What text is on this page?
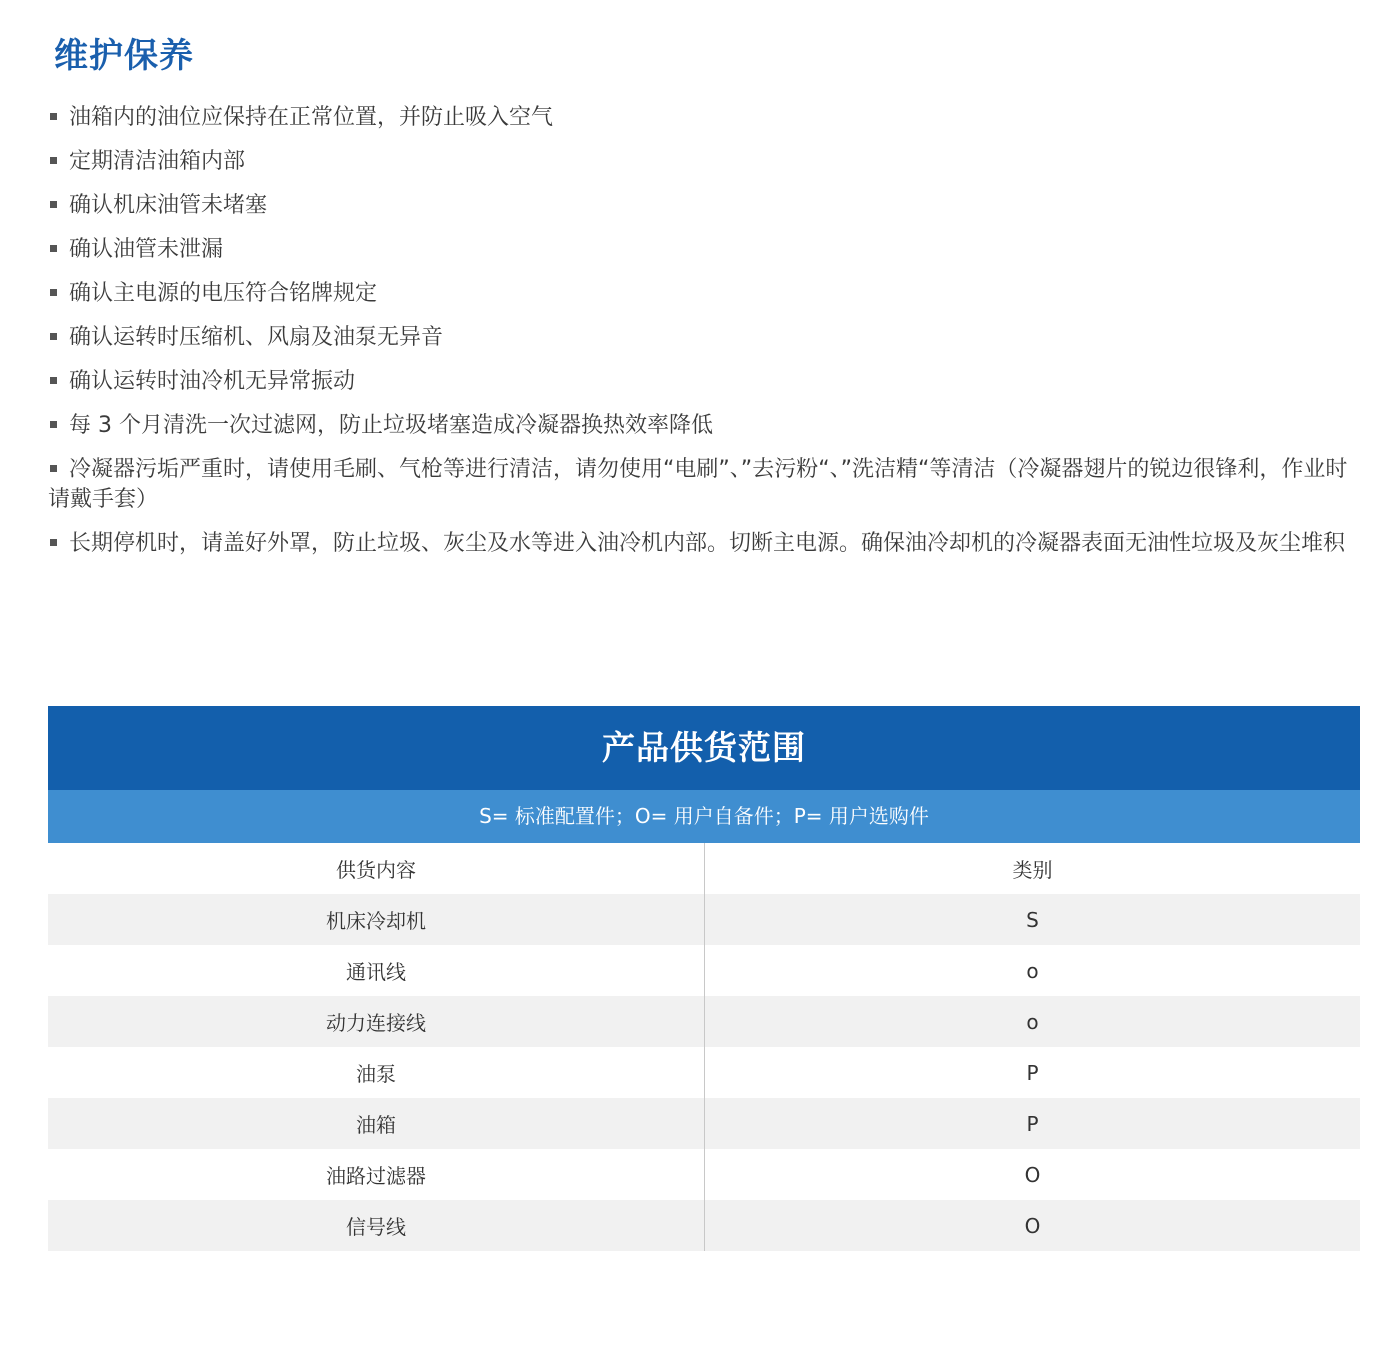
维护保养
油箱内的油位应保持在正常位置，并防止吸入空气
定期清洁油箱内部
确认机床油管未堵塞
确认油管未泄漏
确认主电源的电压符合铭牌规定
确认运转时压缩机、风扇及油泵无异音
确认运转时油冷机无异常振动
每 3 个月清洗一次过滤网，防止垃圾堵塞造成冷凝器换热效率降低
冷凝器污垢严重时，请使用毛刷、气枪等进行清洁，请勿使用“电刷”、”去污粉“、”洗洁精“等清洁（冷凝器翅片的锐边很锋利，作业时请戴手套）
长期停机时，请盖好外罩，防止垃圾、灰尘及水等进入油冷机内部。切断主电源。确保油冷却机的冷凝器表面无油性垃圾及灰尘堆积
产品供货范围
S= 标准配置件；O= 用户自备件；P= 用户选购件
供货内容	类别
机床冷却机	S
通讯线	o
动力连接线	o
油泵	P
油箱	P
油路过滤器	O
信号线	O
